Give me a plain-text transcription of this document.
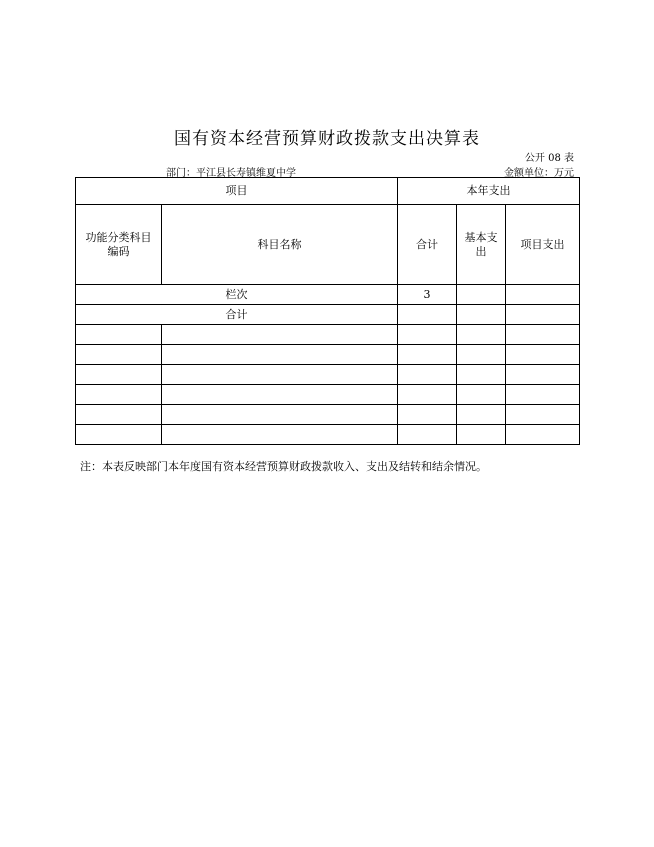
国有资本经营预算财政拨款支出决算表
公开 08 表
部门：平江县长寿镇维夏中学	金额单位：万元
项目		本年支出		
功能分类科目编码	科目名称	合计	基本支出	项目支出
栏次		3		
合计				

注：本表反映部门本年度国有资本经营预算财政拨款收入、支出及结转和结余情况。
